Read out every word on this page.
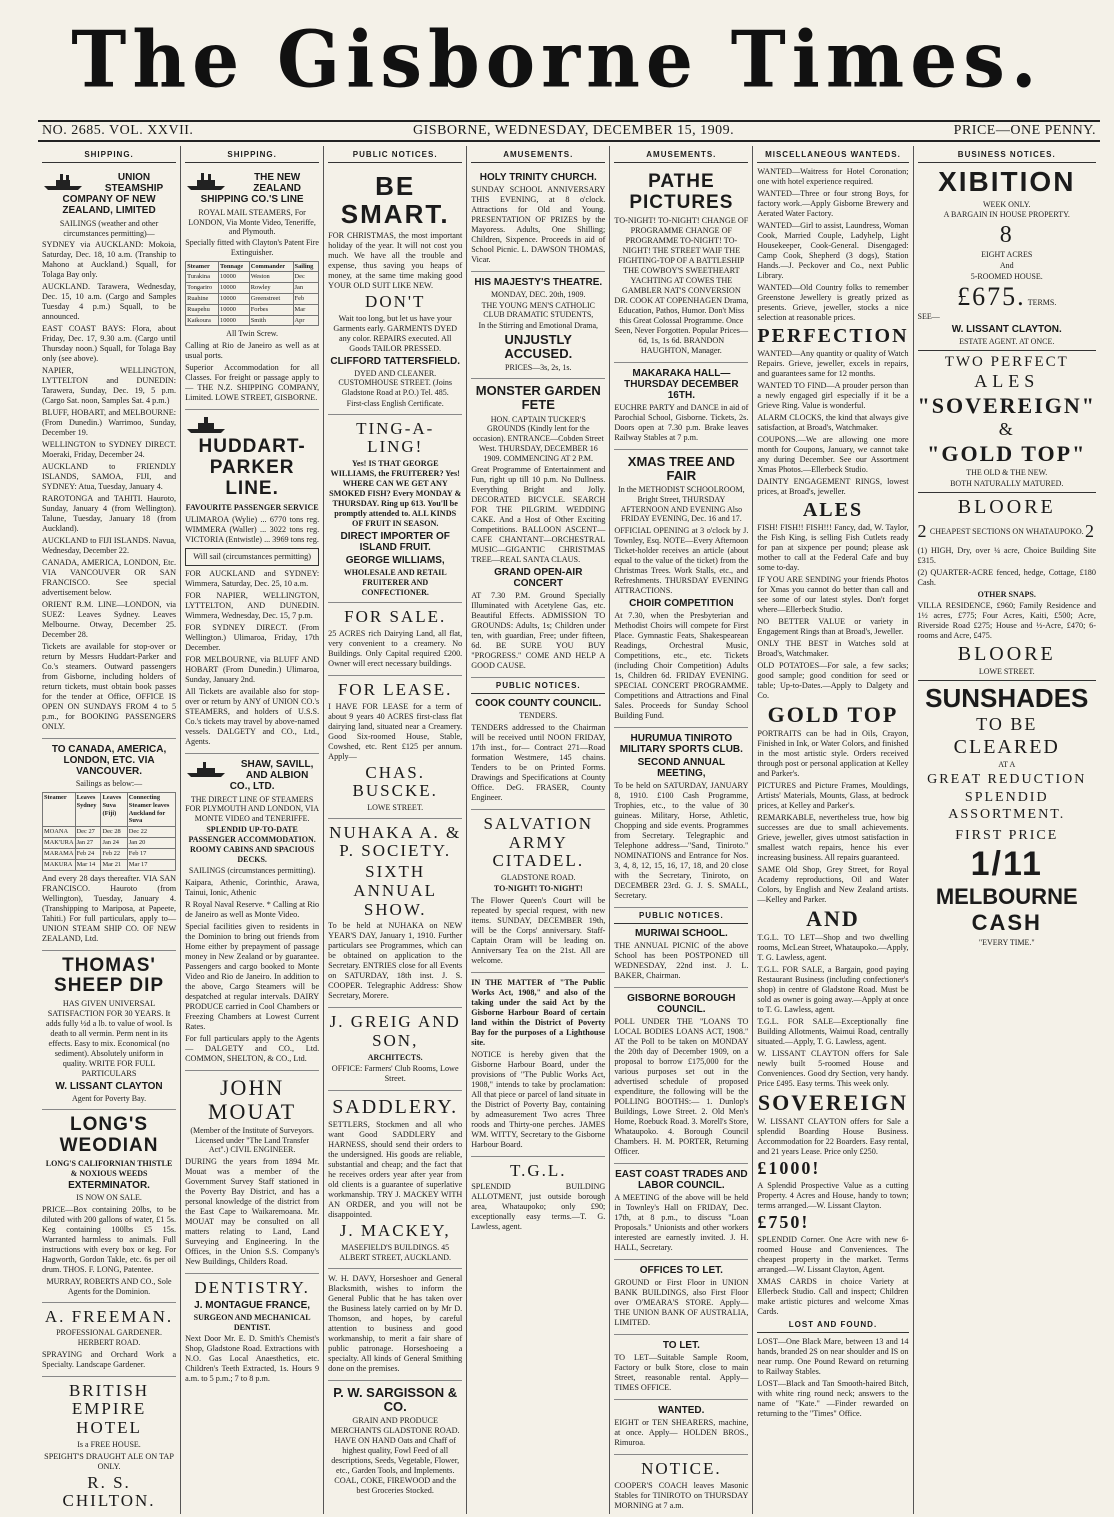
The Gisborne Times.
NO. 2685. VOL. XXVII.	GISBORNE, WEDNESDAY, DECEMBER 15, 1909.	PRICE—ONE PENNY.
SHIPPING.
UNION STEAMSHIP COMPANY OF NEW ZEALAND, LIMITED
SAILINGS (weather and other circumstances permitting)—
SYDNEY via AUCKLAND: Mokoia, Saturday, Dec. 18, 10 a.m. (Tranship to Mahono at Auckland.) Squall, for Tolaga Bay only.
AUCKLAND. Tarawera, Wednesday, Dec. 15, 10 a.m. (Cargo and Samples Tuesday 4 p.m.) Squall, to be announced.
EAST COAST BAYS: Flora, about Friday, Dec. 17, 9.30 a.m. (Cargo until Thursday noon.) Squall, for Tolaga Bay only (see above).
NAPIER, WELLINGTON, LYTTELTON and DUNEDIN: Tarawera, Sunday, Dec. 19, 5 p.m. (Cargo Sat. noon, Samples Sat. 4 p.m.)
BLUFF, HOBART, and MELBOURNE: (From Dunedin.) Warrimoo, Sunday, December 19.
WELLINGTON to SYDNEY DIRECT. Moeraki, Friday, December 24.
AUCKLAND to FRIENDLY ISLANDS, SAMOA, FIJI, and SYDNEY: Atua, Tuesday, January 4.
RAROTONGA and TAHITI. Hauroto, Sunday, January 4 (from Wellington). Talune, Tuesday, January 18 (from Auckland).
AUCKLAND to FIJI ISLANDS. Navua, Wednesday, December 22.
CANADA, AMERICA, LONDON, Etc. VIA VANCOUVER OR SAN FRANCISCO. See special advertisement below.
ORIENT R.M. LINE—LONDON, via SUEZ: Leaves Sydney. Leaves Melbourne. Otway, December 25. December 28.
Tickets are available for stop-over or return by Messrs Huddart-Parker and Co.'s steamers. Outward passengers from Gisborne, including holders of return tickets, must obtain book passes for the tender at Office, OFFICE IS OPEN ON SUNDAYS FROM 4 to 5 p.m., for BOOKING PASSENGERS ONLY.
TO CANADA, AMERICA, LONDON, ETC. VIA VANCOUVER.
Sailings as below:—
Steamer	Leaves Sydney	Leaves Suva (Fiji)	Connecting Steamer leaves Auckland for Suva
MOANA	Dec 27	Dec 28	Dec 22
MAK'URA	Jan 27	Jan 24	Jan 20
MARAMA	Feb 24	Feb 22	Feb 17
MAKURA	Mar 14	Mar 21	Mar 17
And every 28 days thereafter. VIA SAN FRANCISCO. Hauroto (from Wellington), Tuesday, January 4. (Transhipping to Mariposa, at Papeete, Tahiti.) For full particulars, apply to— UNION STEAM SHIP CO. OF NEW ZEALAND, Ltd.
THOMAS' SHEEP DIP
HAS GIVEN UNIVERSAL SATISFACTION FOR 30 YEARS. It adds fully ½d a lb. to value of wool. Is death to all vermin. Perm nent in its effects. Easy to mix. Economical (no sediment). Absolutely uniform in quality. WRITE FOR FULL PARTICULARS
W. LISSANT CLAYTON
Agent for Poverty Bay.
LONG'S WEODIAN
LONG'S CALIFORNIAN THISTLE & NOXIOUS WEEDS
EXTERMINATOR.
IS NOW ON SALE.
PRICE—Box containing 20lbs, to be diluted with 200 gallons of water, £1 5s. Keg containing 100lbs £5 15s. Warranted harmless to animals. Full instructions with every box or keg. For Hagworth, Gordon Takle, etc. 6s per oil drum. THOS. F. LONG, Patentee.
MURRAY, ROBERTS AND CO., Sole Agents for the Dominion.
A. FREEMAN.
PROFESSIONAL GARDENER. HERBERT ROAD.
SPRAYING and Orchard Work a Specialty. Landscape Gardener.
BRITISH EMPIRE HOTEL
Is a FREE HOUSE.
SPEIGHT'S DRAUGHT ALE ON TAP ONLY.
R. S. CHILTON.
SHIPPING.
THE NEW ZEALAND SHIPPING CO.'S LINE
ROYAL MAIL STEAMERS, For LONDON, Via Monte Video, Teneriffe, and Plymouth.
Specially fitted with Clayton's Patent Fire Extinguisher.
Steamer	Tonnage	Commander	Sailing
Turakina	10000	Weston	Dec
Tongariro	10000	Rowley	Jan
Ruahine	10000	Greenstreet	Feb
Ruapehu	10000	Forbes	Mar
Kaikoura	10000	Smith	Apr
All Twin Screw.
Calling at Rio de Janeiro as well as at usual ports.
Superior Accommodation for all Classes. For freight or passage apply to— THE N.Z. SHIPPING COMPANY, Limited. LOWE STREET, GISBORNE.
HUDDART-PARKER LINE.
FAVOURITE PASSENGER SERVICE
ULIMAROA (Wylie) ... 6770 tons reg. WIMMERA (Waller) ... 3022 tons reg. VICTORIA (Entwistle) ... 3969 tons reg.
Will sail (circumstances permitting)
FOR AUCKLAND and SYDNEY: Wimmera, Saturday, Dec. 25, 10 a.m.
FOR NAPIER, WELLINGTON, LYTTELTON, AND DUNEDIN. Wimmera, Wednesday, Dec. 15, 7 p.m.
FOR SYDNEY DIRECT. (From Wellington.) Ulimaroa, Friday, 17th December.
FOR MELBOURNE, via BLUFF AND HOBART (From Dunedin.) Ulimaroa, Sunday, January 2nd.
All Tickets are available also for stop-over or return by ANY of UNION CO.'s STEAMERS, and holders of U.S.S. Co.'s tickets may travel by above-named vessels. DALGETY and CO., Ltd., Agents.
SHAW, SAVILL, AND ALBION CO., LTD.
THE DIRECT LINE OF STEAMERS FOR PLYMOUTH AND LONDON, VIA MONTE VIDEO and TENERIFFE.
SPLENDID UP-TO-DATE PASSENGER ACCOMMODATION.
ROOMY CABINS AND SPACIOUS DECKS.
SAILINGS (circumstances permitting).
Kaipara, Athenic, Corinthic, Arawa, Tainui, Ionic, Athenic
R Royal Naval Reserve. * Calling at Rio de Janeiro as well as Monte Video.
Special facilities given to residents in the Dominion to bring out friends from Home either by prepayment of passage money in New Zealand or by guarantee. Passengers and cargo booked to Monte Video and Rio de Janeiro. In addition to the above, Cargo Steamers will be despatched at regular intervals. DAIRY PRODUCE carried in Cool Chambers or Freezing Chambers at Lowest Current Rates.
For full particulars apply to the Agents— DALGETY and CO., Ltd. COMMON, SHELTON, & CO., Ltd.
JOHN MOUAT
(Member of the Institute of Surveyors. Licensed under "The Land Transfer Act".) CIVIL ENGINEER.
DURING the years from 1894 Mr. Mouat was a member of the Government Survey Staff stationed in the Poverty Bay District, and has a personal knowledge of the district from the East Cape to Waikaremoana. Mr. MOUAT may be consulted on all matters relating to Land, Land Surveying and Engineering. In the Offices, in the Union S.S. Company's New Buildings, Childers Road.
DENTISTRY.
J. MONTAGUE FRANCE,
SURGEON AND MECHANICAL DENTIST.
Next Door Mr. E. D. Smith's Chemist's Shop, Gladstone Road. Extractions with N.O. Gas Local Anaesthetics, etc. Children's Teeth Extracted, 1s. Hours 9 a.m. to 5 p.m.; 7 to 8 p.m.
PUBLIC NOTICES.
BE SMART.
FOR CHRISTMAS, the most important holiday of the year. It will not cost you much. We have all the trouble and expense, thus saving you heaps of money, at the same time making good YOUR OLD SUIT LIKE NEW.
DON'T
Wait too long, but let us have your Garments early. GARMENTS DYED any color. REPAIRS executed. All Goods TAILOR PRESSED.
CLIFFORD TATTERSFIELD.
DYED AND CLEANER. CUSTOMHOUSE STREET. (Joins Gladstone Road at P.O.) Tel. 485.
First-class English Certificate.
TING-A-LING!
Yes! IS THAT GEORGE WILLIAMS, the FRUITERER? Yes! WHERE CAN WE GET ANY SMOKED FISH? Every MONDAY & THURSDAY. Ring up 613. You'll be promptly attended to. ALL KINDS OF FRUIT IN SEASON.
DIRECT IMPORTER OF ISLAND FRUIT.
GEORGE WILLIAMS,
WHOLESALE AND RETAIL FRUITERER AND CONFECTIONER.
FOR SALE.
25 ACRES rich Dairying Land, all flat, very convenient to a creamery. No Buildings. Only Capital required £200. Owner will erect necessary buildings.
FOR LEASE.
I HAVE FOR LEASE for a term of about 9 years 40 ACRES first-class flat dairying land, situated near a Creamery. Good Six-roomed House, Stable, Cowshed, etc. Rent £125 per annum. Apply—
CHAS. BUSCKE.
LOWE STREET.
NUHAKA A. & P. SOCIETY.
SIXTH ANNUAL SHOW.
To be held at NUHAKA on NEW YEAR'S DAY, January 1, 1910. Further particulars see Programmes, which can be obtained on application to the Secretary. ENTRIES close for all Events on SATURDAY, 18th inst. J. S. COOPER. Telegraphic Address: Show Secretary, Morere.
J. GREIG AND SON,
ARCHITECTS.
OFFICE: Farmers' Club Rooms, Lowe Street.
SADDLERY.
SETTLERS, Stockmen and all who want Good SADDLERY and HARNESS, should send their orders to the undersigned. His goods are reliable, substantial and cheap; and the fact that he receives orders year after year from old clients is a guarantee of superlative workmanship. TRY J. MACKEY WITH AN ORDER, and you will not be disappointed.
J. MACKEY,
MASEFIELD'S BUILDINGS. 45 ALBERT STREET, AUCKLAND.
W. H. DAVY, Horseshoer and General Blacksmith, wishes to inform the General Public that he has taken over the Business lately carried on by Mr D. Thomson, and hopes, by careful attention to business and good workmanship, to merit a fair share of public patronage. Horseshoeing a specialty. All kinds of General Smithing done on the premises.
P. W. SARGISSON & CO.
GRAIN AND PRODUCE MERCHANTS GLADSTONE ROAD. HAVE ON HAND Oats and Chaff of highest quality, Fowl Feed of all descriptions, Seeds, Vegetable, Flower, etc., Garden Tools, and Implements. COAL, COKE, FIREWOOD and the best Groceries Stocked.
AMUSEMENTS.
HOLY TRINITY CHURCH.
SUNDAY SCHOOL ANNIVERSARY THIS EVENING, at 8 o'clock. Attractions for Old and Young. PRESENTATION OF PRIZES by the Mayoress. Adults, One Shilling; Children, Sixpence. Proceeds in aid of School Picnic. L. DAWSON THOMAS, Vicar.
HIS MAJESTY'S THEATRE.
MONDAY, DEC. 20th, 1909.
THE YOUNG MEN'S CATHOLIC CLUB DRAMATIC STUDENTS,
In the Stirring and Emotional Drama,
UNJUSTLY ACCUSED.
PRICES—3s, 2s, 1s.
MONSTER GARDEN FETE
HON. CAPTAIN TUCKER'S GROUNDS (Kindly lent for the occasion). ENTRANCE—Cobden Street West. THURSDAY, DECEMBER 16 1909. COMMENCING AT 2 P.M.
Great Programme of Entertainment and Fun, right up till 10 p.m. No Dullness. Everything Bright and Jolly. DECORATED BICYCLE. SEARCH FOR THE PILGRIM. WEDDING CAKE. And a Host of Other Exciting Competitions. BALLOON ASCENT—CAFE CHANTANT—ORCHESTRAL MUSIC—GIGANTIC CHRISTMAS TREE—REAL SANTA CLAUS.
GRAND OPEN-AIR CONCERT
AT 7.30 P.M. Ground Specially Illuminated with Acetylene Gas, etc. Beautiful Effects. ADMISSION TO GROUNDS: Adults, 1s; Children under ten, with guardian, Free; under fifteen, 6d. BE SURE YOU BUY "PROGRESS." COME AND HELP A GOOD CAUSE.
PUBLIC NOTICES.
COOK COUNTY COUNCIL.
TENDERS.
TENDERS addressed to the Chairman will be received until NOON FRIDAY, 17th inst., for— Contract 271—Road formation Westmere, 145 chains. Tenders to be on Printed Forms. Drawings and Specifications at County Office. DeG. FRASER, County Engineer.
SALVATION ARMY CITADEL.
GLADSTONE ROAD.
TO-NIGHT! TO-NIGHT!
The Flower Queen's Court will be repeated by special request, with new items. SUNDAY, DECEMBER 19th, will be the Corps' anniversary. Staff-Captain Oram will be leading on. Anniversary Tea on the 21st. All are welcome.
IN THE MATTER of "The Public Works Act, 1908," and also of the taking under the said Act by the Gisborne Harbour Board of certain land within the District of Poverty Bay for the purposes of a Lighthouse site.
NOTICE is hereby given that the Gisborne Harbour Board, under the provisions of "The Public Works Act, 1908," intends to take by proclamation: All that piece or parcel of land situate in the District of Poverty Bay, containing by admeasurement Two acres Three roods and Thirty-one perches. JAMES WM. WITTY, Secretary to the Gisborne Harbour Board.
T.G.L.
SPLENDID BUILDING ALLOTMENT, just outside borough area, Whataupoko; only £90; exceptionally easy terms.—T. G. Lawless, agent.
AMUSEMENTS.
PATHE PICTURES
TO-NIGHT! TO-NIGHT! CHANGE OF PROGRAMME CHANGE OF PROGRAMME TO-NIGHT! TO-NIGHT! THE STREET WAIF THE FIGHTING-TOP OF A BATTLESHIP THE COWBOY'S SWEETHEART YACHTING AT COWES THE GAMBLER NAT'S CONVERSION DR. COOK AT COPENHAGEN Drama, Education, Pathos, Humor. Don't Miss this Great Colossal Programme. Once Seen, Never Forgotten. Popular Prices—6d, 1s, 1s 6d. BRANDON HAUGHTON, Manager.
MAKARAKA HALL—THURSDAY DECEMBER 16TH.
EUCHRE PARTY and DANCE in aid of Parochial School, Gisborne. Tickets, 2s. Doors open at 7.30 p.m. Brake leaves Railway Stables at 7 p.m.
XMAS TREE AND FAIR
In the METHODIST SCHOOLROOM, Bright Street, THURSDAY AFTERNOON AND EVENING Also FRIDAY EVENING, Dec. 16 and 17.
OFFICIAL OPENING at 3 o'clock by J. Townley, Esq. NOTE—Every Afternoon Ticket-holder receives an article (about equal to the value of the ticket) from the Christmas Trees. Work Stalls, etc., and Refreshments. THURSDAY EVENING ATTRACTIONS.
CHOIR COMPETITION
At 7.30, when the Presbyterian and Methodist Choirs will compete for First Place. Gymnastic Feats, Shakespearean Readings, Orchestral Music, Competitions, etc., etc. Tickets (including Choir Competition) Adults 1s, Children 6d. FRIDAY EVENING. SPECIAL CONCERT PROGRAMME. Competitions and Attractions and Final Sales. Proceeds for Sunday School Building Fund.
HURUMUA TINIROTO MILITARY SPORTS CLUB.
SECOND ANNUAL MEETING,
To be held on SATURDAY, JANUARY 8, 1910. £100 Cash Programme, Trophies, etc., to the value of 30 guineas. Military, Horse, Athletic, Chopping and side events. Programmes from Secretary. Telegraphic and Telephone address—"Sand, Tiniroto." NOMINATIONS and Entrance for Nos. 3, 4, 8, 12, 15, 16, 17, 18, and 20 close with the Secretary, Tiniroto, on DECEMBER 23rd. G. J. S. SMALL, Secretary.
PUBLIC NOTICES.
MURIWAI SCHOOL.
THE ANNUAL PICNIC of the above School has been POSTPONED till WEDNESDAY, 22nd inst. J. L. BAKER, Chairman.
GISBORNE BOROUGH COUNCIL.
POLL UNDER THE "LOANS TO LOCAL BODIES LOANS ACT, 1908." AT the Poll to be taken on MONDAY the 20th day of December 1909, on a proposal to borrow £175,000 for the various purposes set out in the advertised schedule of proposed expenditure, the following will be the POLLING BOOTHS:— 1. Dunlop's Buildings, Lowe Street. 2. Old Men's Home, Roebuck Road. 3. Morell's Store, Whataupoko. 4. Borough Council Chambers. H. M. PORTER, Returning Officer.
EAST COAST TRADES AND LABOR COUNCIL.
A MEETING of the above will be held in Townley's Hall on FRIDAY, Dec. 17th, at 8 p.m., to discuss "Loan Proposals." Unionists and other workers interested are earnestly invited. J. H. HALL, Secretary.
OFFICES TO LET.
GROUND or First Floor in UNION BANK BUILDINGS, also First Floor over O'MEARA'S STORE. Apply— THE UNION BANK OF AUSTRALIA, LIMITED.
TO LET.
TO LET—Suitable Sample Room, Factory or bulk Store, close to main Street, reasonable rental. Apply— TIMES OFFICE.
WANTED.
EIGHT or TEN SHEARERS, machine, at once. Apply— HOLDEN BROS., Rimuroa.
NOTICE.
COOPER'S COACH leaves Masonic Stables for TINIROTO on THURSDAY MORNING at 7 a.m.
MISCELLANEOUS WANTEDS.
WANTED—Waitress for Hotel Coronation; one with hotel experience required.
WANTED—Three or four strong Boys, for factory work.—Apply Gisborne Brewery and Aerated Water Factory.
WANTED—Girl to assist, Laundress, Woman Cook, Married Couple, Ladyhelp, Light Housekeeper, Cook-General. Disengaged: Camp Cook, Shepherd (3 dogs), Station Hands.—J. Peckover and Co., next Public Library.
WANTED—Old Country folks to remember Greenstone Jewellery is greatly prized as presents. Grieve, jeweller, stocks a nice selection at reasonable prices.
PERFECTION
WANTED—Any quantity or quality of Watch Repairs. Grieve, jeweller, excels in repairs, and guarantees same for 12 months.
WANTED TO FIND—A prouder person than a newly engaged girl especially if it be a Grieve Ring. Value is wonderful.
ALARM CLOCKS, the kind that always give satisfaction, at Broad's, Watchmaker.
COUPONS.—We are allowing one more month for Coupons, January, we cannot take any during December. See our Assortment Xmas Photos.—Ellerbeck Studio.
DAINTY ENGAGEMENT RINGS, lowest prices, at Broad's, jeweller.
ALES
FISH! FISH!! FISH!!! Fancy, dad, W. Taylor, the Fish King, is selling Fish Cutlets ready for pan at sixpence per pound; please ask mother to call at the Federal Cafe and buy some to-day.
IF YOU ARE SENDING your friends Photos for Xmas you cannot do better than call and see some of our latest styles. Don't forget where—Ellerbeck Studio.
NO BETTER VALUE or variety in Engagement Rings than at Broad's, Jeweller.
ONLY THE BEST in Watches sold at Broad's, Watchmaker.
OLD POTATOES—For sale, a few sacks; good sample; good condition for seed or table; Up-to-Dates.—Apply to Dalgety and Co.
GOLD TOP
PORTRAITS can be had in Oils, Crayon, Finished in Ink, or Water Colors, and finished in the most artistic style. Orders received through post or personal application at Kelley and Parker's.
PICTURES and Picture Frames, Mouldings, Artists' Materials, Mounts, Glass, at bedrock prices, at Kelley and Parker's.
REMARKABLE, nevertheless true, how big successes are due to small achievements. Grieve, jeweller, gives utmost satisfaction in smallest watch repairs, hence his ever increasing business. All repairs guaranteed.
SAME Old Shop, Grey Street, for Royal Academy reproductions, Oil and Water Colors, by English and New Zealand artists.—Kelley and Parker.
AND
T.G.L. TO LET—Shop and two dwelling rooms, McLean Street, Whataupoko.—Apply, T. G. Lawless, agent.
T.G.L. FOR SALE, a Bargain, good paying Restaurant Business (including confectioner's shop) in centre of Gladstone Road. Must be sold as owner is going away.—Apply at once to T. G. Lawless, agent.
T.G.L. FOR SALE—Exceptionally fine Building Allotments, Waimui Road, centrally situated.—Apply, T. G. Lawless, agent.
W. LISSANT CLAYTON offers for Sale newly built 5-roomed House and Conveniences. Good dry Section, very handy. Price £495. Easy terms. This week only.
SOVEREIGN
W. LISSANT CLAYTON offers for Sale a splendid Boarding House Business. Accommodation for 22 Boarders. Easy rental, and 21 years Lease. Price only £250.
£1000!
A Splendid Prospective Value as a cutting Property. 4 Acres and House, handy to town; terms arranged.—W. Lissant Clayton.
£750!
SPLENDID Corner. One Acre with new 6-roomed House and Conveniences. The cheapest property in the market. Terms arranged.—W. Lissant Clayton, Agent.
XMAS CARDS in choice Variety at Ellerbeck Studio. Call and inspect; Children make artistic pictures and welcome Xmas Cards.
LOST AND FOUND.
LOST—One Black Mare, between 13 and 14 hands, branded 2S on near shoulder and IS on near rump. One Pound Reward on returning to Railway Stables.
LOST—Black and Tan Smooth-haired Bitch, with white ring round neck; answers to the name of "Kate." —Finder rewarded on returning to the "Times" Office.
BUSINESS NOTICES.
XIBITION
WEEK ONLY.
A BARGAIN IN HOUSE PROPERTY.
8
EIGHT ACRES
And
5-ROOMED HOUSE.
£675. TERMS.
SEE—
W. LISSANT CLAYTON.
ESTATE AGENT. AT ONCE.
TWO PERFECT
ALES
"SOVEREIGN"
&
"GOLD TOP"
THE OLD & THE NEW.
BOTH NATURALLY MATURED.
BLOORE
2 CHEAPEST SECTIONS ON WHATAUPOKO. 2
(1) HIGH, Dry, over ¼ acre, Choice Building Site £315.
(2) QUARTER-ACRE fenced, hedge, Cottage, £180 Cash.
OTHER SNAPS.
VILLA RESIDENCE, £960; Family Residence and 1½ acres, £775; Four Acres, Kaiti, £500; Acre, Riverside Road £275; House and ½-Acre, £470; 6-rooms and Acre, £475.
BLOORE
LOWE STREET.
SUNSHADES
TO BE
CLEARED
AT A
GREAT REDUCTION
SPLENDID
ASSORTMENT.
FIRST PRICE
1/11
MELBOURNE
CASH
"EVERY TIME."
